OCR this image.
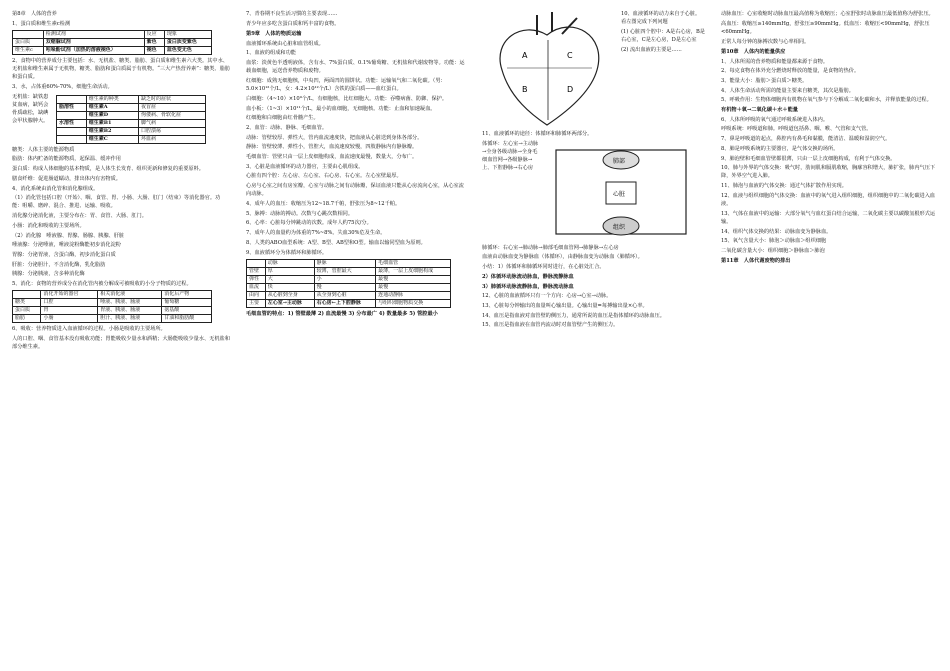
第8章　人体的营养

1、蛋白质和维生素c检测

	检测试剂	反应	现象
蛋白质	双缩脲试剂	紫色	蛋白质变紫色
维生素c	吲哚酚试剂（加热的溶液褪色）	褪色	蓝色变无色

2、食物中的营养成分主要包括：水、无机盐、糖类、脂肪、蛋白质和维生素六大类。其中水、无机盐和维生素属于无机物，糖类、脂肪和蛋白质属于有机物。“三大产热营养素”：糖类、脂肪和蛋白质。

3、水，占体重60%-70%，细胞生命活动。

无机盐：缺铁患贫血病，缺钙会骨质疏松，缺碘会甲状腺肿大。

	维生素的种类	缺乏时的症状
脂溶性	维生素A	夜盲症
	维生素D	佝偻病、骨软化症
水溶性	维生素B1	脚气病
	维生素B2	口腔溃疡
	维生素C	坏血病

糖类：人体主要的能源物质

脂肪：体内贮备的能源物质，起保温、缓冲作用

蛋白质：构成人体细胞的基本物质，是人体生长发育、组织更新和修复的重要原料。

膳食纤维：促进肠道蠕动，排出体内有害物质。

4、消化系统由消化管和消化腺组成。

（1）消化管包括口腔（开始）、咽、食管、胃、小肠、大肠、肛门（结束）等消化器官。功能：咀嚼、磨碎、混合、推进、运输、吸收。

消化腺分泌消化液，主要分布在：胃、食管、大肠、肛门。

小肠：消化和吸收的主要场所。

（2）消化腺　唾液腺、胃腺、肠腺、胰腺、肝脏

唾液腺：分泌唾液，唾液淀粉酶能初步消化淀粉

胃腺：分泌胃液，含蛋白酶，初步消化蛋白质

肝脏：分泌胆汁，不含消化酶，乳化脂肪

胰腺：分泌胰液，含多种消化酶

5、消化：食物的营养成分在消化管内被分解成可被吸收的小分子物质的过程。

	消化开始的器官	相关消化液	消化后产物
糖类	口腔	唾液、胰液、肠液	葡萄糖
蛋白质	胃	胃液、胰液、肠液	氨基酸
脂肪	小肠	胆汁、胰液、肠液	甘油和脂肪酸

6、吸收：营养物质进入血液循环的过程。小肠是吸收的主要场所。

人的口腔、咽、食管基本没有吸收功能；胃能吸收少量水和酒精；大肠能吸收少量水、无机盐和部分维生素。

7、青春期不良生活习惯的主要表现……

青少年应多吃含蛋白质和钙丰富的食物。

第9章　人体的物质运输

血液循环系统由心脏和血管组成。

1、血液的组成和功能

血浆：淡黄色半透明液体，含有水、7%蛋白质、0.1%葡萄糖、无机盐和代谢废物等。功能：运载血细胞，运送营养物质和废物。

红细胞：成熟无细胞核，中央凹，两面凹的圆饼状。功能：运输氧气和二氧化碳。（男：5.0×10¹²个/L，女：4.2×10¹²个/L）含铁的蛋白质——血红蛋白。

白细胞：（4~10）×10⁹个/L，有细胞核，比红细胞大。功能：吞噬病菌、防御、保护。

血小板：（1~3）×10¹¹个/L，最小的血细胞，无细胞核。功能：止血和加速凝血。

红细胞和白细胞由红骨髓产生。

2、血管：动脉、静脉、毛细血管。

动脉：管壁较厚、弹性大，管内血流速度快，把血液从心脏送到身体各部分。

静脉：管壁较薄、弹性小，管腔大，血流速度较慢，四肢静脉内有静脉瓣。

毛细血管：管壁只由一层上皮细胞构成，血流速度最慢，数量大，分布广。

3、心脏是血液循环的动力器官，主要由心肌组成。

心脏有四个腔：左心房、左心室、右心房、右心室。左心室壁最厚。

心房与心室之间有房室瓣，心室与动脉之间有动脉瓣，保证血液只能从心房流向心室，从心室流向动脉。

4、成年人的血压：收缩压为12~18.7千帕，舒张压为8~12千帕。

5、脉搏：动脉的搏动。次数与心跳次数相同。

6、心率：心脏每分钟跳动的次数。成年人约75次/分。

7、成年人的血量约为体重的7%~8%。失血30%危及生命。

8、人类的ABO血型系统：A型、B型、AB型和O型。输血以输同型血为原则。

9、血液循环分为体循环和肺循环。

	动脉	静脉	毛细血管
管壁	厚	较薄，管腔最大	最薄，一层上皮细胞构成
弹性	大	小	最慢
血流	快	慢	最慢
由向	从心脏到全身	从全身到心脏	连通动静脉
主要	左心室→主动脉	右心房←上下腔静脉	与组织细胞物质交换

毛细血管的特点：1) 管壁最薄 2) 血流最慢 3) 分布最广 4) 数量最多 5) 管腔最小

A
B
C
D

10、血液循环的动力来自于心脏。看左图完成下列问题

(1) 心脏四个腔中：A是右心房，B是右心室，C是左心房，D是左心室

(2) 流出血液的主要是……

11、血液循环的途径：体循环和肺循环两部分。

体循环：左心室→主动脉→全身各级动脉→全身毛细血管网→各级静脉→上、下腔静脉→右心房

肺部
心脏
组织

肺循环：右心室→肺动脉→肺部毛细血管网→肺静脉→左心房

血液由动脉血变为静脉血（体循环），由静脉血变为动脉血（肺循环）。

小结：1）体循环和肺循环同时进行，在心脏处汇合。

2）体循环动脉流动脉血，静脉流静脉血

3）肺循环动脉流静脉血，静脉流动脉血

12、心脏的血液循环只有一个方向：心房→心室→动脉。

13、心脏每分钟输出的血量叫心输出量。心输出量=每搏输出量×心率。

14、血压是指血液对血管壁的侧压力，通常所说的血压是指体循环的动脉血压。

15、血压是指血液在血管内流动时对血管壁产生的侧压力。

动脉血压：心室收缩时动脉血压最高值称为收缩压；心室舒张时动脉血压最低值称为舒张压。

高血压：收缩压≥140mmHg，舒张压≥90mmHg。低血压：收缩压<90mmHg，舒张压<60mmHg。

正常人每分钟的脉搏次数与心率相同。

第10章　人体内的能量供应

1、人体所需的营养物质和能量都来源于食物。

2、每克食物在体外充分燃烧时释放的能量，是食物的热价。

3、能量大小：脂肪＞蛋白质＞糖类。

4、人体生命活动所需的能量主要来自糖类，其次是脂肪。

5、呼吸作用：生物体细胞内有机物在氧气参与下分解成二氧化碳和水，并释放能量的过程。

有机物＋氧→二氧化碳＋水＋能量

6、人体所呼吸的氧气通过呼吸系统进入体内。

呼吸系统：呼吸道和肺。呼吸道包括鼻、咽、喉、气管和支气管。

7、鼻是呼吸道的起点，鼻腔内有鼻毛和黏膜，能清洁、温暖和湿润空气。

8、肺是呼吸系统的主要器官，是气体交换的场所。

9、肺泡壁和毛细血管壁都很薄，只由一层上皮细胞构成，有利于气体交换。

10、肺与外界的气体交换：吸气时，肋间肌和膈肌收缩，胸廓容积增大，肺扩张，肺内气压下降，外界空气进入肺。

11、肺泡与血液的气体交换：通过气体扩散作用实现。

12、血液与组织细胞的气体交换：血液中的氧气进入组织细胞，组织细胞中的二氧化碳进入血液。

13、气体在血液中的运输：大部分氧气与血红蛋白结合运输，二氧化碳主要以碳酸氢根形式运输。

14、组织气体交换的结果：动脉血变为静脉血。

15、氧气含量大小：肺泡＞动脉血＞组织细胞

二氧化碳含量大小：组织细胞＞静脉血＞肺泡

第11章　人体代谢废物的排出
